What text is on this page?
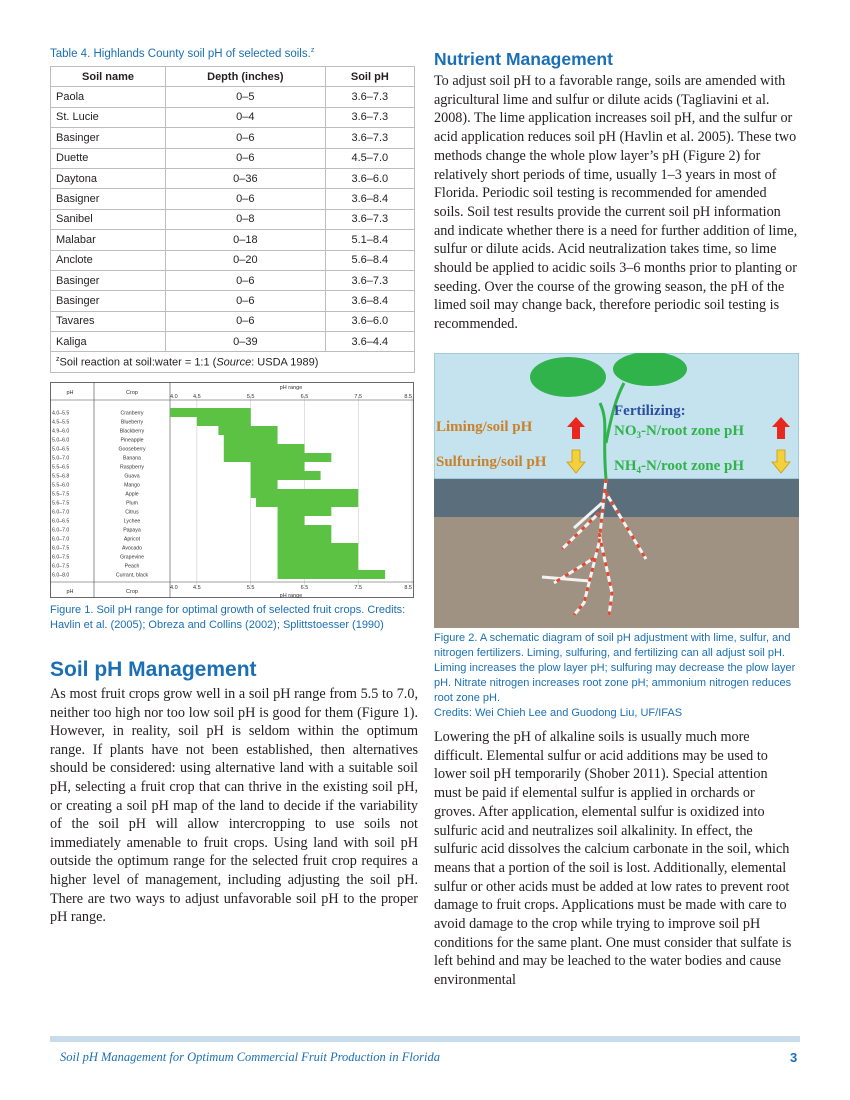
Table 4. Highlands County soil pH of selected soils.$^z$
Soil name	Depth (inches)	Soil pH
Paola	0–5	3.6–7.3
St. Lucie	0–4	3.6–7.3
Basinger	0–6	3.6–7.3
Duette	0–6	4.5–7.0
Daytona	0–36	3.6–6.0
Basigner	0–6	3.6–8.4
Sanibel	0–8	3.6–7.3
Malabar	0–18	5.1–8.4
Anclote	0–20	5.6–8.4
Basinger	0–6	3.6–7.3
Basinger	0–6	3.6–8.4
Tavares	0–6	3.6–6.0
Kaliga	0–39	3.6–4.4
$^z$Soil reaction at soil:water = 1:1 (Source: USDA 1989)		
pH	Crop
pH range
pH	Crop
pH range
4.0
4.0
4.5
4.5
5.5
5.5
6.5
6.5
7.5
7.5
8.5
8.5
4.0–5.5	Cranberry
4.5–5.5	Blueberry
4.9–6.0	Blackberry
5.0–6.0	Pineapple
5.0–6.5	Gooseberry
5.0–7.0	Banana
5.5–6.5	Raspberry
5.5–6.8	Guava
5.5–6.0	Mango
5.5–7.5	Apple
5.6–7.5	Plum
6.0–7.0	Citrus
6.0–6.5	Lychee
6.0–7.0	Papaya
6.0–7.0	Apricot
6.0–7.5	Avocado
6.0–7.5	Grapevine
6.0–7.5	Peach
6.0–8.0	Currant, black
Figure 1. Soil pH range for optimal growth of selected fruit crops. Credits: Havlin et al. (2005); Obreza and Collins (2002); Splittstoesser (1990)
Soil pH Management

As most fruit crops grow well in a soil pH range from 5.5 to 7.0, neither too high nor too low soil pH is good for them (Figure 1). However, in reality, soil pH is seldom within the optimum range. If plants have not been established, then alternatives should be considered: using alternative land with a suitable soil pH, selecting a fruit crop that can thrive in the existing soil pH, or creating a soil pH map of the land to decide if the variability of the soil pH will allow intercropping to use soils not immediately amenable to fruit crops. Using land with soil pH outside the optimum range for the selected fruit crop requires a higher level of management, including adjusting the soil pH. There are two ways to adjust unfavorable soil pH to the proper pH range.

Nutrient Management

To adjust soil pH to a favorable range, soils are amended with agricultural lime and sulfur or dilute acids (Tagliavini et al. 2008). The lime application increases soil pH, and the sulfur or acid application reduces soil pH (Havlin et al. 2005). These two methods change the whole plow layer’s pH (Figure 2) for relatively short periods of time, usually 1–3 years in most of Florida. Periodic soil testing is recommended for amended soils. Soil test results provide the current soil pH information and indicate whether there is a need for further addition of lime, sulfur or dilute acids. Acid neutralization takes time, so lime should be applied to acidic soils 3–6 months prior to planting or seeding. Over the course of the growing season, the pH of the limed soil may change back, therefore periodic soil testing is recommended.

Liming/soil pH
Sulfuring/soil pH
Fertilizing:
$NO_3-N$/root zone pH
$NH_4-N$/root zone pH
Figure 2. A schematic diagram of soil pH adjustment with lime, sulfur, and nitrogen fertilizers. Liming, sulfuring, and fertilizing can all adjust soil pH. Liming increases the plow layer pH; sulfuring may decrease the plow layer pH. Nitrate nitrogen increases root zone pH; ammonium nitrogen reduces root zone pH.
Credits: Wei Chieh Lee and Guodong Liu, UF/IFAS

Lowering the pH of alkaline soils is usually much more difficult. Elemental sulfur or acid additions may be used to lower soil pH temporarily (Shober 2011). Special attention must be paid if elemental sulfur is applied in orchards or groves. After application, elemental sulfur is oxidized into sulfuric acid and neutralizes soil alkalinity. In effect, the sulfuric acid dissolves the calcium carbonate in the soil, which means that a portion of the soil is lost. Additionally, elemental sulfur or other acids must be added at low rates to prevent root damage to fruit crops. Applications must be made with care to avoid damage to the crop while trying to improve soil pH conditions for the same plant. One must consider that sulfate is left behind and may be leached to the water bodies and cause environmental

Soil pH Management for Optimum Commercial Fruit Production in Florida	3
